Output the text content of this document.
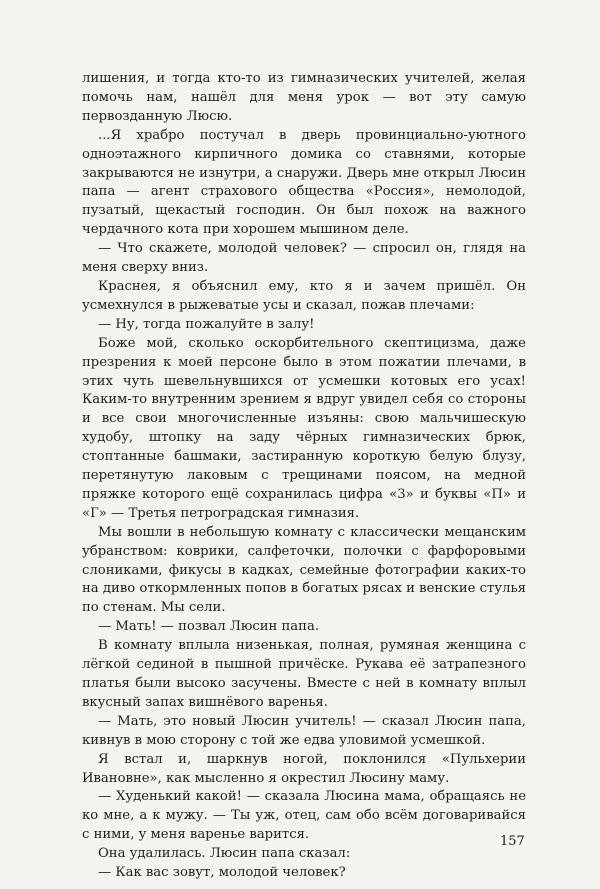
лишения, и тогда кто-то из гимназических учителей, желая помочь нам, нашёл для меня урок — вот эту самую первозданную Люсю.

...Я храбро постучал в дверь провинциально-уютного одноэтажного кирпичного домика со ставнями, которые закрываются не изнутри, а снаружи. Дверь мне открыл Люсин папа — агент страхового общества «Россия», немолодой, пузатый, щекастый господин. Он был похож на важного чердачного кота при хорошем мышином деле.

— Что скажете, молодой человек? — спросил он, глядя на меня сверху вниз.

Краснея, я объяснил ему, кто я и зачем пришёл. Он усмехнулся в рыжеватые усы и сказал, пожав плечами:

— Ну, тогда пожалуйте в залу!

Боже мой, сколько оскорбительного скептицизма, даже презрения к моей персоне было в этом пожатии плечами, в этих чуть шевельнувшихся от усмешки котовых его усах! Каким-то внутренним зрением я вдруг увидел себя со стороны и все свои многочисленные изъяны: свою мальчишескую худобу, штопку на заду чёрных гимназических брюк, стоптанные башмаки, застиранную короткую белую блузу, перетянутую лаковым с трещинами поясом, на медной пряжке которого ещё сохранилась цифра «3» и буквы «П» и «Г» — Третья петроградская гимназия.

Мы вошли в небольшую комнату с классически мещанским убранством: коврики, салфеточки, полочки с фарфоровыми слониками, фикусы в кадках, семейные фотографии каких-то на диво откормленных попов в богатых рясах и венские стулья по стенам. Мы сели.

— Мать! — позвал Люсин папа.

В комнату вплыла низенькая, полная, румяная женщина с лёгкой сединой в пышной причёске. Рукава её затрапезного платья были высоко засучены. Вместе с ней в комнату вплыл вкусный запах вишнёвого варенья.

— Мать, это новый Люсин учитель! — сказал Люсин папа, кивнув в мою сторону с той же едва уловимой усмешкой.

Я встал и, шаркнув ногой, поклонился «Пульхерии Ивановне», как мысленно я окрестил Люсину маму.

— Худенький какой! — сказала Люсина мама, обращаясь не ко мне, а к мужу. — Ты уж, отец, сам обо всём договаривайся с ними, у меня варенье варится.

Она удалилась. Люсин папа сказал:

— Как вас зовут, молодой человек?

157
